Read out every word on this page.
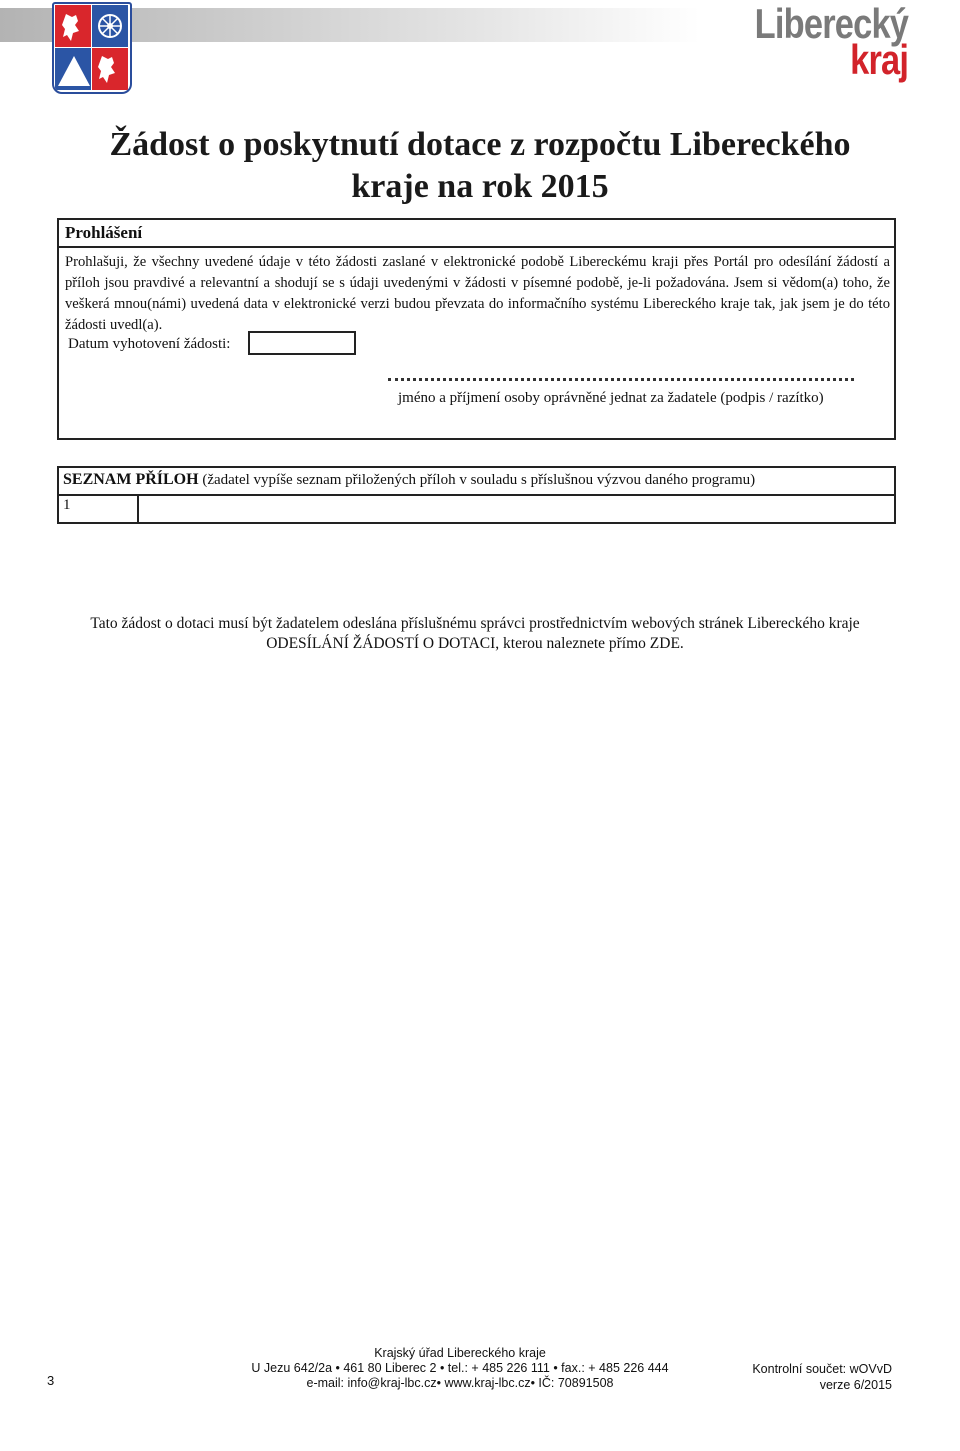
Liberecký
kraj
Žádost o poskytnutí dotace z rozpočtu Libereckého kraje na rok 2015
Prohlášení
Prohlašuji, že všechny uvedené údaje v této žádosti zaslané v elektronické podobě Libereckému kraji přes Portál pro odesílání žádostí a příloh jsou pravdivé a relevantní a shodují se s údaji uvedenými v žádosti v písemné podobě, je-li požadována. Jsem si vědom(a) toho, že veškerá mnou(námi) uvedená data v elektronické verzi budou převzata do informačního systému Libereckého kraje tak, jak jsem je do této žádosti uvedl(a).
Datum vyhotovení žádosti:
jméno a příjmení osoby oprávněné jednat za žadatele (podpis / razítko)
SEZNAM PŘÍLOH (žadatel vypíše seznam přiložených příloh v souladu s příslušnou výzvou daného programu)
1
Tato žádost o dotaci musí být žadatelem odeslána příslušnému správci prostřednictvím webových stránek Libereckého kraje
ODESÍLÁNÍ ŽÁDOSTÍ O DOTACI, kterou naleznete přímo ZDE.
3
Krajský úřad Libereckého kraje
U Jezu 642/2a • 461 80 Liberec 2 • tel.: + 485 226 111 • fax.: + 485 226 444
e-mail: info@kraj-lbc.cz• www.kraj-lbc.cz• IČ: 70891508
Kontrolní součet: wOVvD
verze 6/2015
